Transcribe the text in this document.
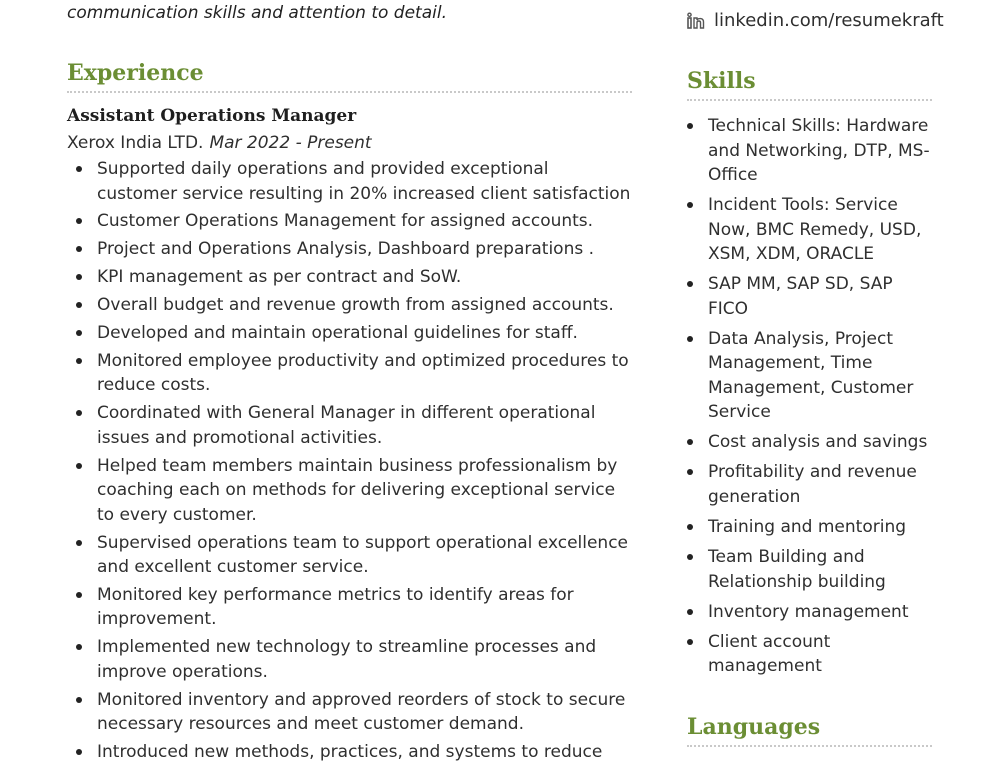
communication skills and attention to detail.	linkedin.com/resumekraft
Experience
Assistant Operations Manager
Xerox India LTD. Mar 2022 - Present
Supported daily operations and provided exceptional customer service resulting in 20% increased client satisfaction
Customer Operations Management for assigned accounts.
Project and Operations Analysis, Dashboard preparations .
KPI management as per contract and SoW.
Overall budget and revenue growth from assigned accounts.
Developed and maintain operational guidelines for staff.
Monitored employee productivity and optimized procedures to reduce costs.
Coordinated with General Manager in different operational issues and promotional activities.
Helped team members maintain business professionalism by coaching each on methods for delivering exceptional service to every customer.
Supervised operations team to support operational excellence and excellent customer service.
Monitored key performance metrics to identify areas for improvement.
Implemented new technology to streamline processes and improve operations.
Monitored inventory and approved reorders of stock to secure necessary resources and meet customer demand.
Introduced new methods, practices, and systems to reduce
Skills
Technical Skills: Hardware and Networking, DTP, MS-Office
Incident Tools: Service Now, BMC Remedy, USD, XSM, XDM, ORACLE
SAP MM, SAP SD, SAP FICO
Data Analysis, Project Management, Time Management, Customer Service
Cost analysis and savings
Profitability and revenue generation
Training and mentoring
Team Building and Relationship building
Inventory management
Client account management
Languages
